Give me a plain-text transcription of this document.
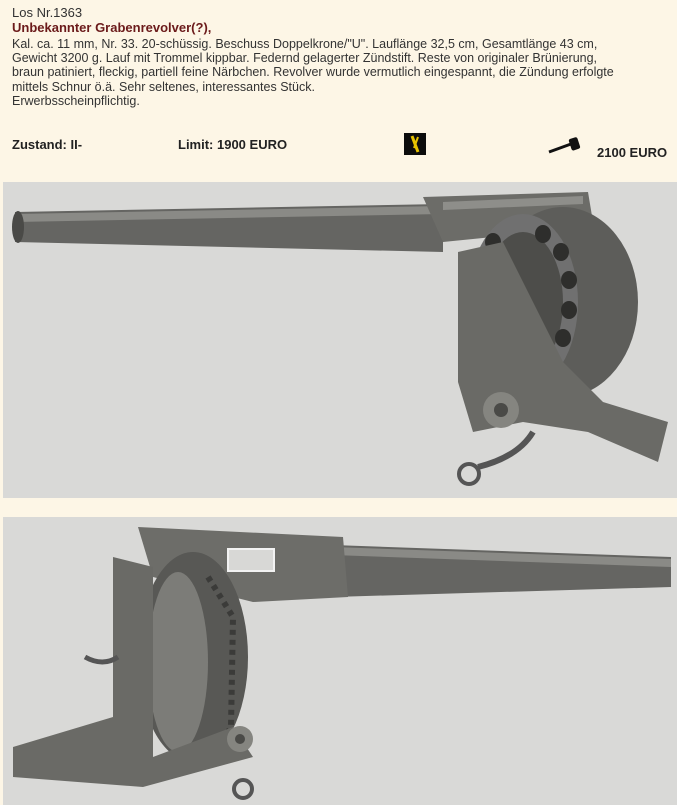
Los Nr.1363
Unbekannter Grabenrevolver(?),
Kal. ca. 11 mm, Nr. 33. 20-schüssig. Beschuss Doppelkrone/"U". Lauflänge 32,5 cm, Gesamtlänge 43 cm,
Gewicht 3200 g. Lauf mit Trommel kippbar. Federnd gelagerter Zündstift. Reste von originaler Brünierung,
braun patiniert, fleckig, partiell feine Närbchen. Revolver wurde vermutlich eingespannt, die Zündung erfolgte
mittels Schnur ö.ä. Sehr seltenes, interessantes Stück.
Erwerbsscheinpflichtig.
Zustand: II-	Limit: 1900 EURO
2100 EURO
